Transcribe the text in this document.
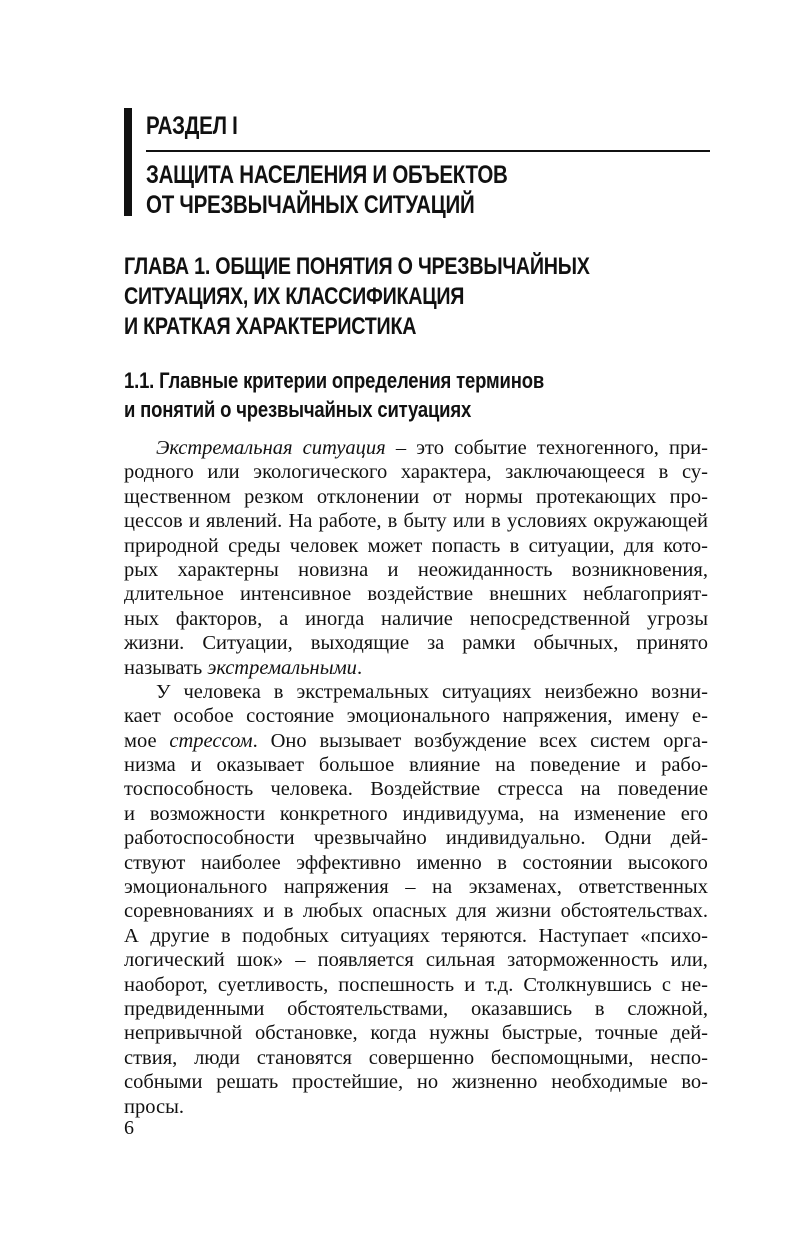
РАЗДЕЛ I
ЗАЩИТА НАСЕЛЕНИЯ И ОБЪЕКТОВ
ОТ ЧРЕЗВЫЧАЙНЫХ СИТУАЦИЙ
ГЛАВА 1. ОБЩИЕ ПОНЯТИЯ О ЧРЕЗВЫЧАЙНЫХ
СИТУАЦИЯХ, ИХ КЛАССИФИКАЦИЯ
И КРАТКАЯ ХАРАКТЕРИСТИКА
1.1. Главные критерии определения терминов
и понятий о чрезвычайных ситуациях
Экстремальная ситуация – это событие техногенного, при-
родного или экологического характера, заключающееся в су-
щественном резком отклонении от нормы протекающих про-
цессов и явлений. На работе, в быту или в условиях окружающей
природной среды человек может попасть в ситуации, для кото-
рых характерны новизна и неожиданность возникновения,
длительное интенсивное воздействие внешних неблагоприят-
ных факторов, а иногда наличие непосредственной угрозы
жизни. Ситуации, выходящие за рамки обычных, принято
называть экстремальными .
У человека в экстремальных ситуациях неизбежно возни-
кает особое состояние эмоционального напряжения, имену е-
мое стрессом. Оно вызывает возбуждение всех систем орга-
низма и оказывает большое влияние на поведение и рабо-
тоспособность человека. Воздействие стресса на поведение
и возможности конкретного индивидуума, на изменение его
работоспособности чрезвычайно индивидуально. Одни дей-
ствуют наиболее эффективно именно в состоянии высокого
эмоционального напряжения – на экзаменах, ответственных
соревнованиях и в любых опасных для жизни обстоятельствах.
А другие в подобных ситуациях теряются. Наступает «психо-
логический шок» – появляется сильная заторможенность или,
наоборот, суетливость, поспешность и т.д. Столкнувшись с не-
предвиденными обстоятельствами, оказавшись в сложной,
непривычной обстановке, когда нужны быстрые, точные дей-
ствия, люди становятся совершенно беспомощными, неспо-
собными решать простейшие, но жизненно необходимые во-
просы.
6
